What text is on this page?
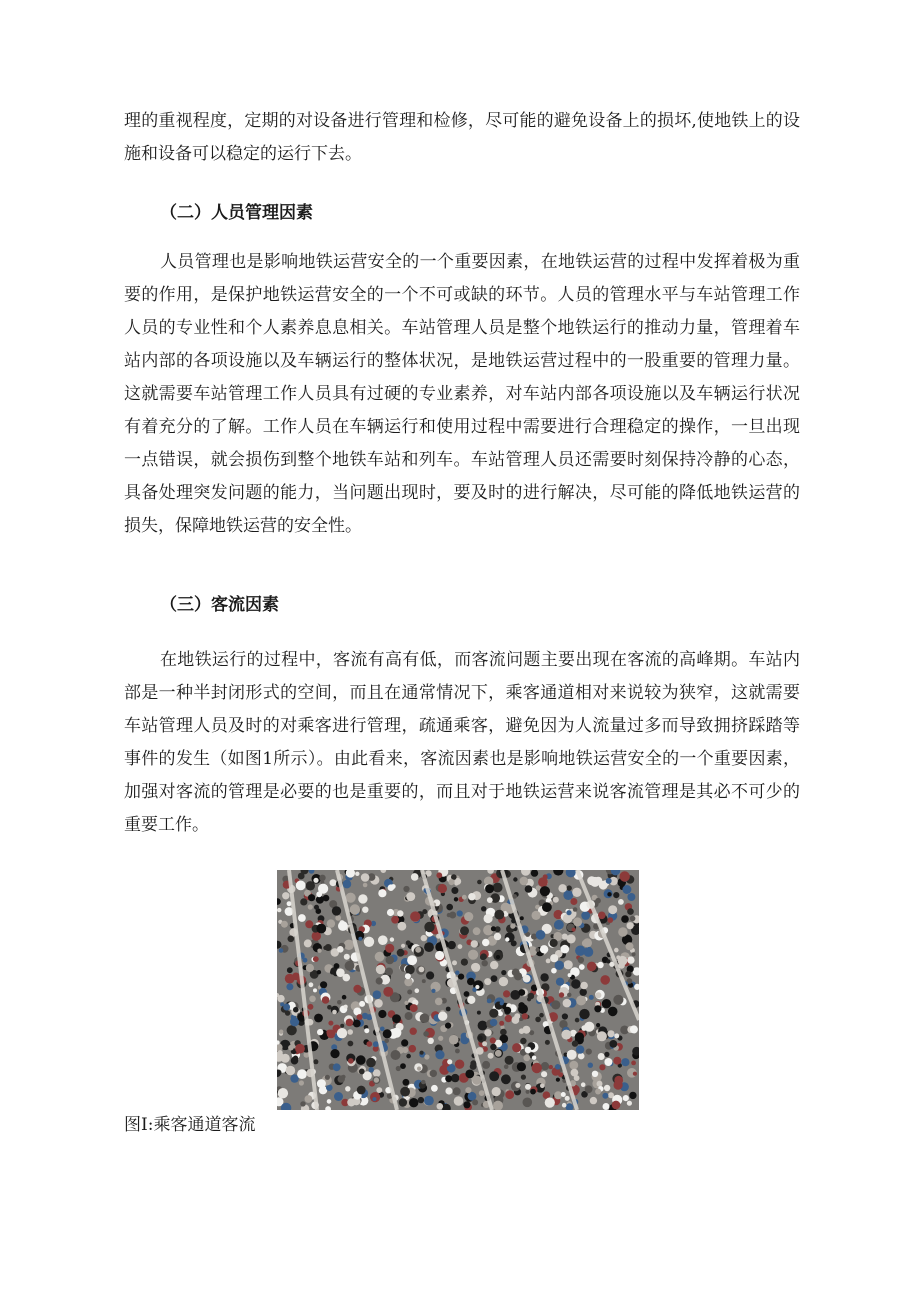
理的重视程度，定期的对设备进行管理和检修，尽可能的避免设备上的损坏,使地铁上的设施和设备可以稳定的运行下去。

（二）人员管理因素

人员管理也是影响地铁运营安全的一个重要因素，在地铁运营的过程中发挥着极为重要的作用，是保护地铁运营安全的一个不可或缺的环节。人员的管理水平与车站管理工作人员的专业性和个人素养息息相关。车站管理人员是整个地铁运行的推动力量，管理着车站内部的各项设施以及车辆运行的整体状况，是地铁运营过程中的一股重要的管理力量。这就需要车站管理工作人员具有过硬的专业素养，对车站内部各项设施以及车辆运行状况有着充分的了解。工作人员在车辆运行和使用过程中需要进行合理稳定的操作，一旦出现一点错误，就会损伤到整个地铁车站和列车。车站管理人员还需要时刻保持冷静的心态，具备处理突发问题的能力，当问题出现时，要及时的进行解决，尽可能的降低地铁运营的损失，保障地铁运营的安全性。

（三）客流因素

在地铁运行的过程中，客流有高有低，而客流问题主要出现在客流的高峰期。车站内部是一种半封闭形式的空间，而且在通常情况下，乘客通道相对来说较为狭窄，这就需要车站管理人员及时的对乘客进行管理，疏通乘客，避免因为人流量过多而导致拥挤踩踏等事件的发生（如图1所示）。由此看来，客流因素也是影响地铁运营安全的一个重要因素，加强对客流的管理是必要的也是重要的，而且对于地铁运营来说客流管理是其必不可少的重要工作。

图I:乘客通道客流
